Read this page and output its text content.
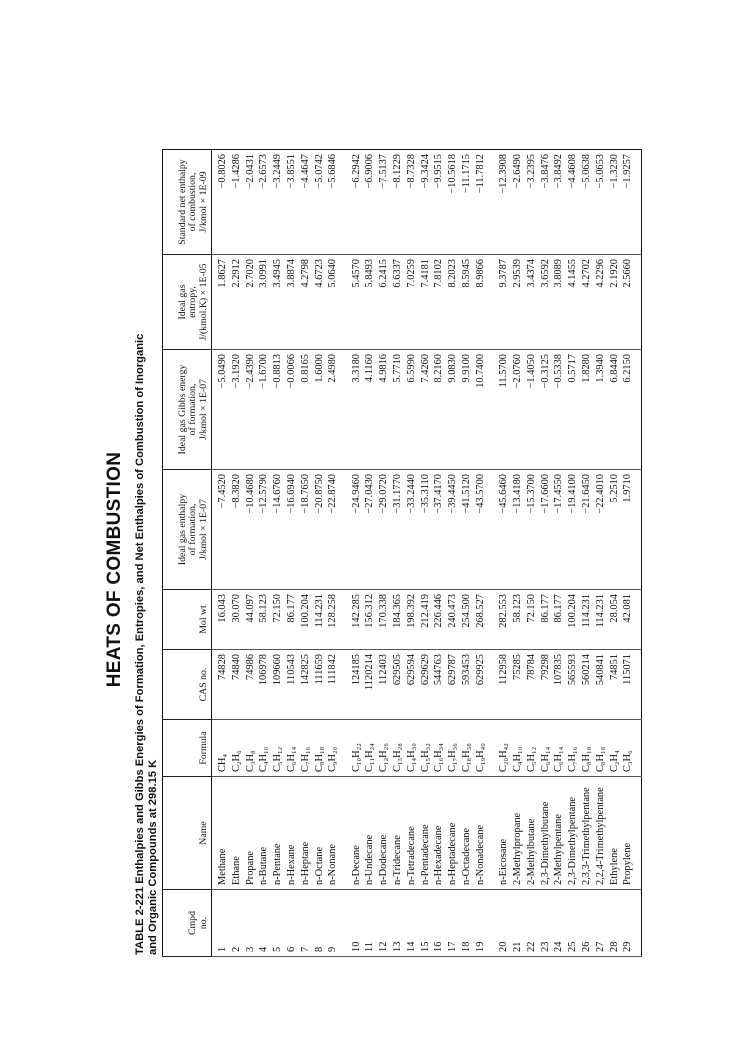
HEATS OF COMBUSTION TABLE 2-221 Enthalpies and Gibbs Energies of Formation, Entropies, and Net Enthalpies of Combustion of Inorganic and Organic Compounds at 298.15 K	Cmpd
no.	Name	Formula	CAS no.	Mol wt	Ideal gas enthalpy
of formation,
J/kmol × 1E-07	Ideal gas Gibbs energy
of formation,
J/kmol × 1E-07	Ideal gas
entropy,
J/(kmol.K) × 1E-05	Standard net enthalpy
of combustion,
J/kmol × 1E-09

1	Methane	CH₄	74828	16.043	−7.4520	−5.0490	1.8627	−0.8026
2	Ethane	C₂H₆	74840	30.070	−8.3820	−3.1920	2.2912	−1.4286
3	Propane	C₃H₈	74986	44.097	−10.4680	−2.4390	2.7020	−2.0431
4	n-Butane	C₄H₁₀	106978	58.123	−12.5790	−1.6700	3.0991	−2.6573
5	n-Pentane	C₅H₁₂	109660	72.150	−14.6760	−0.8813	3.4945	−3.2449
6	n-Hexane	C₆H₁₄	110543	86.177	−16.6940	−0.0066	3.8874	−3.8551
7	n-Heptane	C₇H₁₆	142825	100.204	−18.7650	0.8165	4.2798	−4.4647
8	n-Octane	C₈H₁₈	111659	114.231	−20.8750	1.6000	4.6723	−5.0742
9	n-Nonane	C₉H₂₀	111842	128.258	−22.8740	2.4980	5.0640	−5.6846

10	n-Decane	C₁₀H₂₂	124185	142.285	−24.9460	3.3180	5.4570	−6.2942
11	n-Undecane	C₁₁H₂₄	1120214	156.312	−27.0430	4.1160	5.8493	−6.9006
12	n-Dodecane	C₁₂H₂₆	112403	170.338	−29.0720	4.9816	6.2415	−7.5137
13	n-Tridecane	C₁₃H₂₈	629505	184.365	−31.1770	5.7710	6.6337	−8.1229
14	n-Tetradecane	C₁₄H₃₀	629594	198.392	−33.2440	6.5990	7.0259	−8.7328
15	n-Pentadecane	C₁₅H₃₂	629629	212.419	−35.3110	7.4260	7.4181	−9.3424
16	n-Hexadecane	C₁₆H₃₄	544763	226.446	−37.4170	8.2160	7.8102	−9.9515
17	n-Heptadecane	C₁₇H₃₆	629787	240.473	−39.4450	9.0830	8.2023	−10.5618
18	n-Octadecane	C₁₈H₃₈	593453	254.500	−41.5120	9.9100	8.5945	−11.1715
19	n-Nonadecane	C₁₉H₄₀	629925	268.527	−43.5700	10.7400	8.9866	−11.7812

20	n-Eicosane	C₂₀H₄₂	112958	282.553	−45.6460	11.5700	9.3787	−12.3908
21	2-Methylpropane	C₄H₁₀	75285	58.123	−13.4180	−2.0760	2.9539	−2.6490
22	2-Methylbutane	C₅H₁₂	78784	72.150	−15.3700	−1.4050	3.4374	−3.2395
23	2,3-Dimethylbutane	C₆H₁₄	79298	86.177	−17.6600	−0.3125	3.6592	−3.8476
24	2-Methylpentane	C₆H₁₄	107835	86.177	−17.4550	−0.5338	3.8089	−3.8492
25	2,3-Dimethylpentane	C₇H₁₆	565593	100.204	−19.4100	0.5717	4.1455	−4.4608
26	2,3,3-Trimethylpentane	C₈H₁₈	560214	114.231	−21.6450	1.8280	4.2702	−5.0638
27	2,2,4-Trimethylpentane	C₈H₁₈	540841	114.231	−22.4010	1.3940	4.2296	−5.0653
28	Ethylene	C₂H₄	74851	28.054	5.2510	6.8440	2.1920	−1.3230
29	Propylene	C₃H₆	115071	42.081	1.9710	6.2150	2.5660	−1.9257
